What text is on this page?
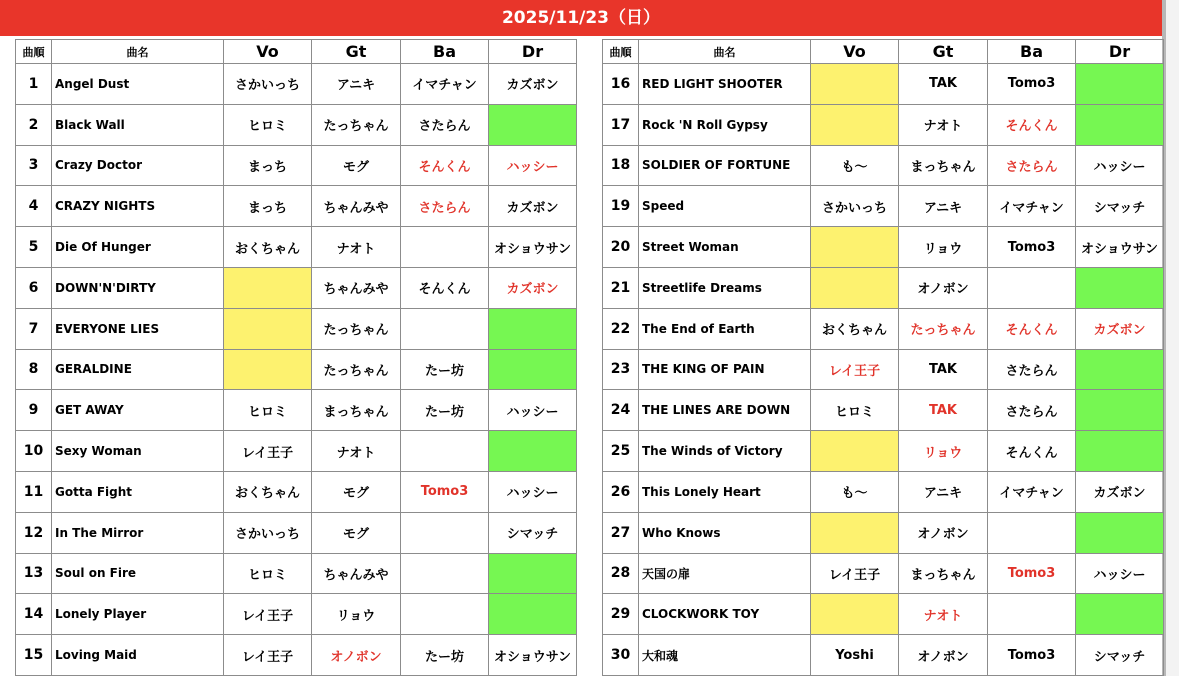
2025/11/23（日）
曲順	曲名	Vo	Gt	Ba	Dr
1	Angel Dust	さかいっち	アニキ	イマチャン	カズボン
2	Black Wall	ヒロミ	たっちゃん	さたらん	
3	Crazy Doctor	まっち	モグ	そんくん	ハッシー
4	CRAZY NIGHTS	まっち	ちゃんみや	さたらん	カズボン
5	Die Of Hunger	おくちゃん	ナオト		オショウサン
6	DOWN'N'DIRTY		ちゃんみや	そんくん	カズボン
7	EVERYONE LIES		たっちゃん		
8	GERALDINE		たっちゃん	たー坊	
9	GET AWAY	ヒロミ	まっちゃん	たー坊	ハッシー
10	Sexy Woman	レイ王子	ナオト		
11	Gotta Fight	おくちゃん	モグ	Tomo3	ハッシー
12	In The Mirror	さかいっち	モグ		シマッチ
13	Soul on Fire	ヒロミ	ちゃんみや		
14	Lonely Player	レイ王子	リョウ		
15	Loving Maid	レイ王子	オノボン	たー坊	オショウサン
曲順	曲名	Vo	Gt	Ba	Dr
16	RED LIGHT SHOOTER		TAK	Tomo3	
17	Rock 'N Roll Gypsy		ナオト	そんくん	
18	SOLDIER OF FORTUNE	も～	まっちゃん	さたらん	ハッシー
19	Speed	さかいっち	アニキ	イマチャン	シマッチ
20	Street Woman		リョウ	Tomo3	オショウサン
21	Streetlife Dreams		オノボン		
22	The End of Earth	おくちゃん	たっちゃん	そんくん	カズボン
23	THE KING OF PAIN	レイ王子	TAK	さたらん	
24	THE LINES ARE DOWN	ヒロミ	TAK	さたらん	
25	The Winds of Victory		リョウ	そんくん	
26	This Lonely Heart	も～	アニキ	イマチャン	カズボン
27	Who Knows		オノボン		
28	天国の扉	レイ王子	まっちゃん	Tomo3	ハッシー
29	CLOCKWORK TOY		ナオト		
30	大和魂	Yoshi	オノボン	Tomo3	シマッチ
